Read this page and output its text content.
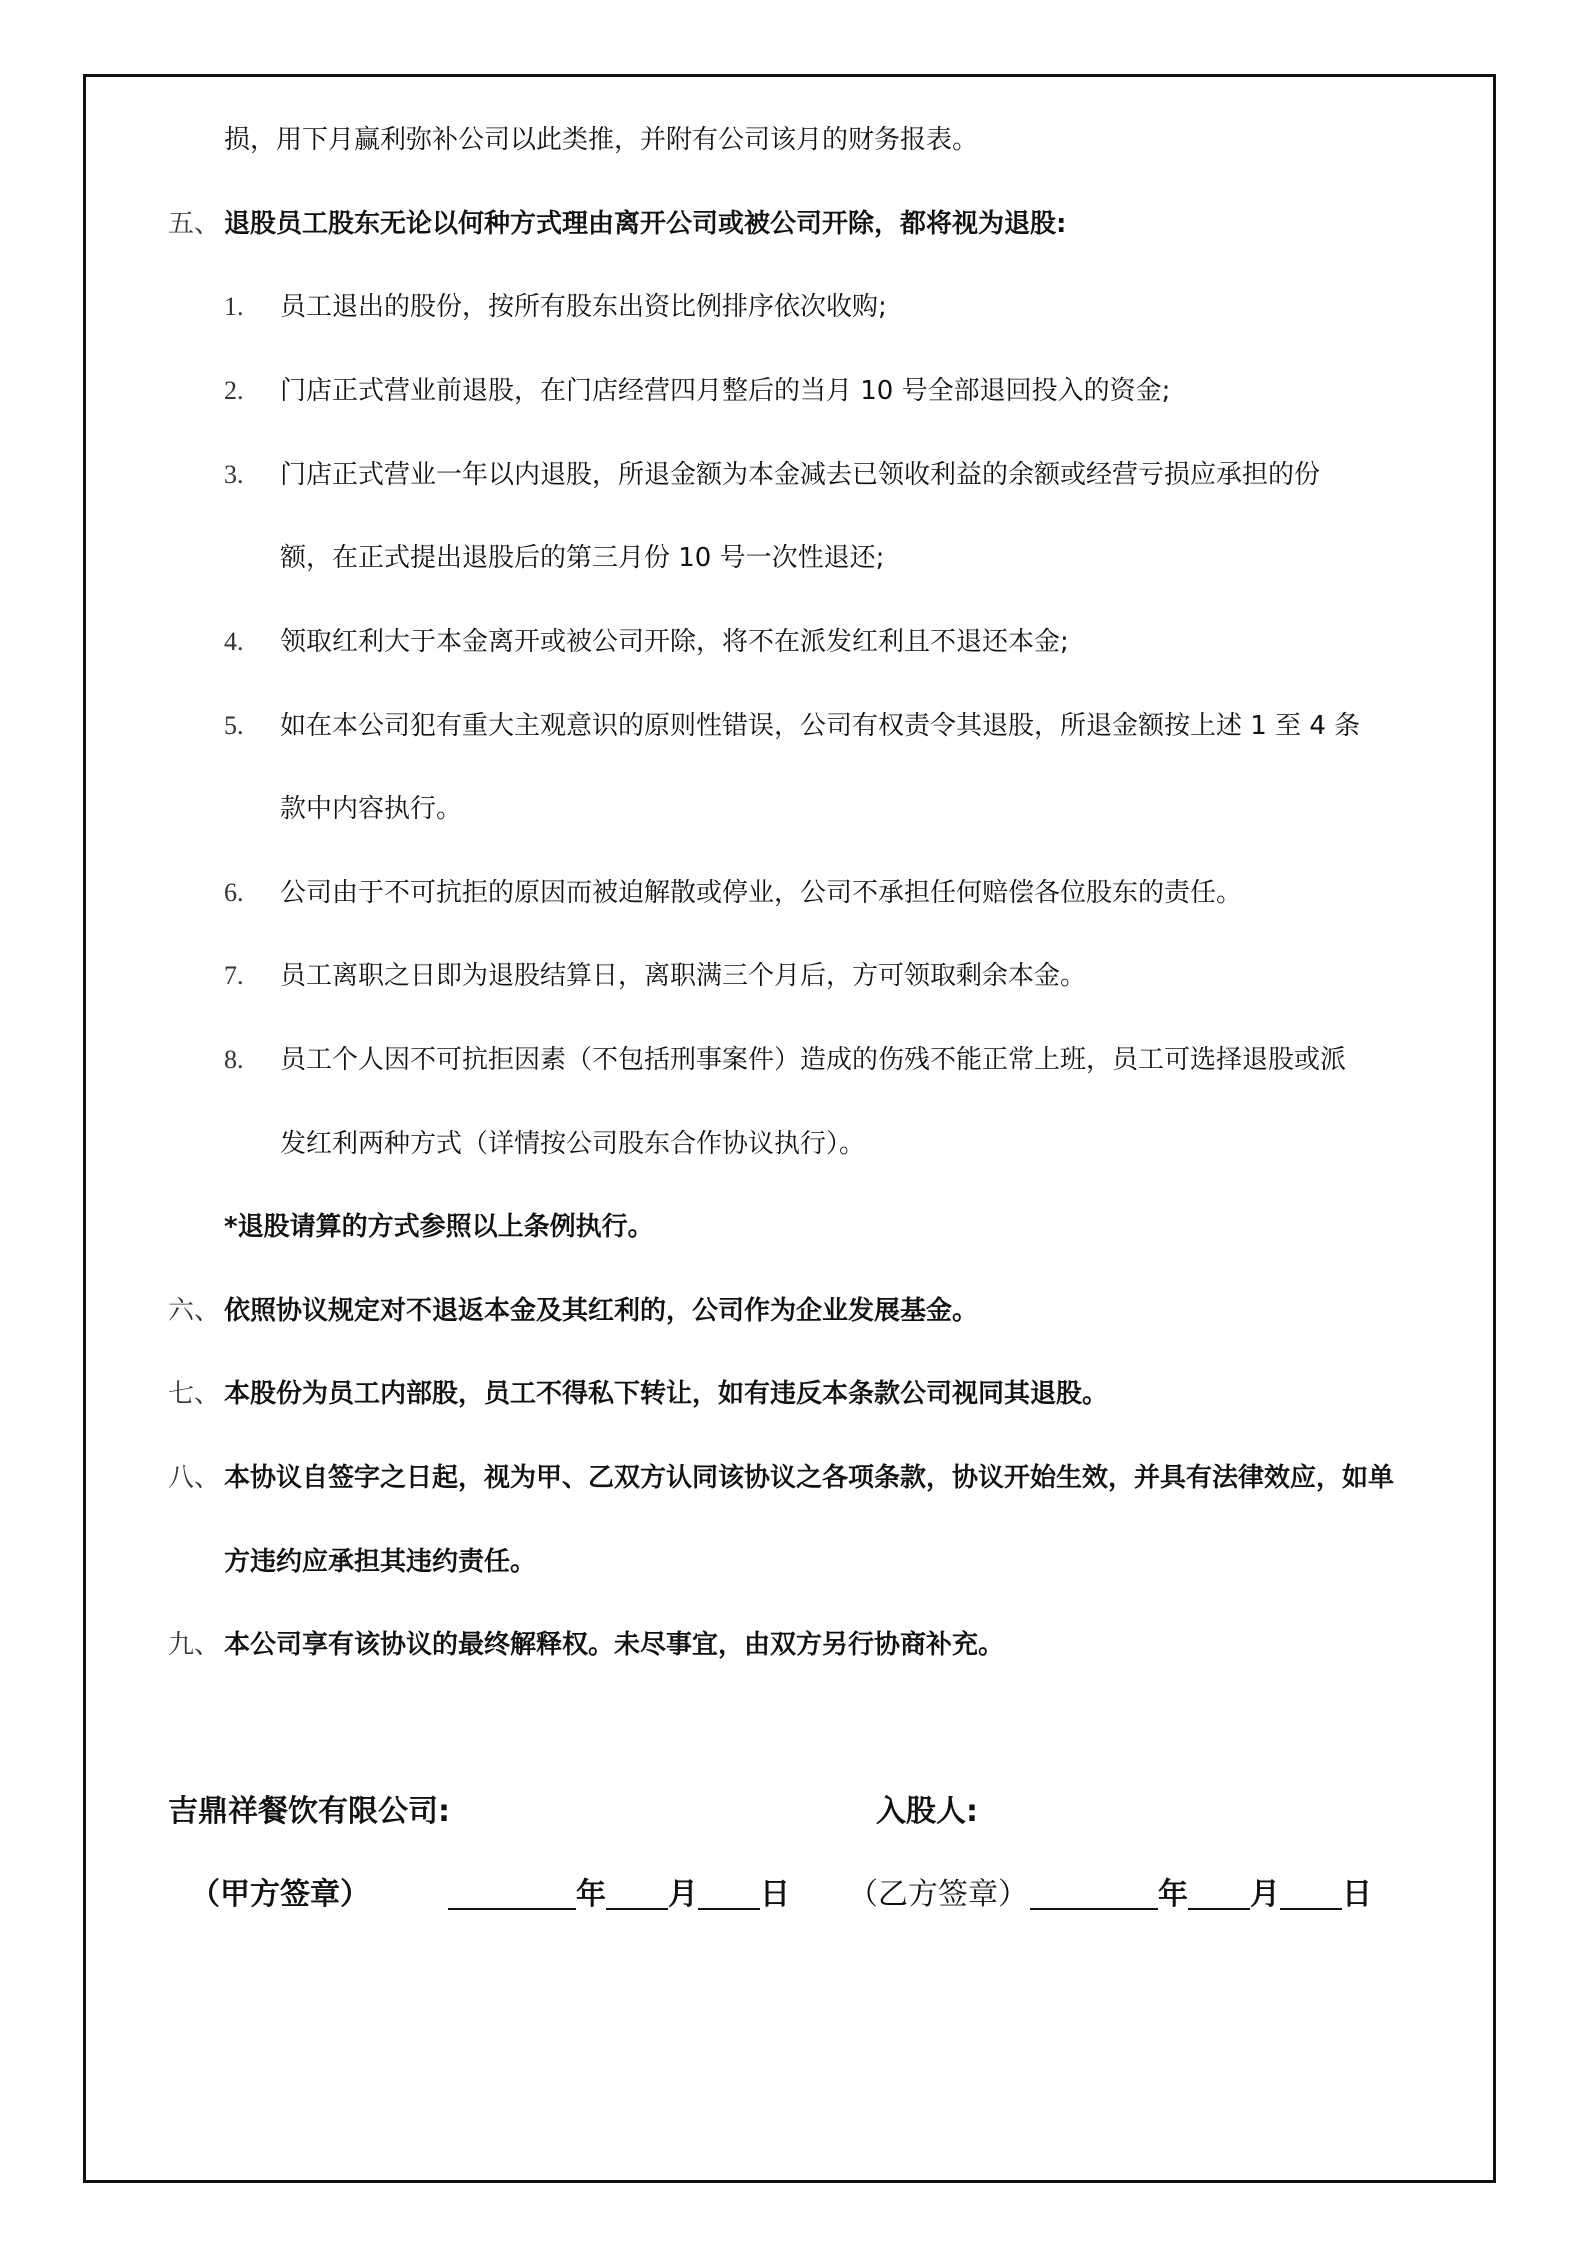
损，用下月赢利弥补公司以此类推，并附有公司该月的财务报表。
五、 退股员工股东无论以何种方式理由离开公司或被公司开除，都将视为退股:
1. 员工退出的股份，按所有股东出资比例排序依次收购;
2. 门店正式营业前退股，在门店经营四月整后的当月 10 号全部退回投入的资金;
3. 门店正式营业一年以内退股，所退金额为本金减去已领收利益的余额或经营亏损应承担的份
额，在正式提出退股后的第三月份 10 号一次性退还;
4. 领取红利大于本金离开或被公司开除，将不在派发红利且不退还本金;
5. 如在本公司犯有重大主观意识的原则性错误，公司有权责令其退股，所退金额按上述 1 至 4 条
款中内容执行。
6. 公司由于不可抗拒的原因而被迫解散或停业，公司不承担任何赔偿各位股东的责任。
7. 员工离职之日即为退股结算日，离职满三个月后，方可领取剩余本金。
8. 员工个人因不可抗拒因素（不包括刑事案件）造成的伤残不能正常上班，员工可选择退股或派
发红利两种方式（详情按公司股东合作协议执行）。
*退股请算的方式参照以上条例执行。
六、 依照协议规定对不退返本金及其红利的，公司作为企业发展基金。
七、 本股份为员工内部股，员工不得私下转让，如有违反本条款公司视同其退股。
八、 本协议自签字之日起，视为甲、乙双方认同该协议之各项条款，协议开始生效，并具有法律效应，如单
方违约应承担其违约责任。
九、 本公司享有该协议的最终解释权。未尽事宜，由双方另行协商补充。
吉鼎祥餐饮有限公司:	入股人:
（甲方签章）	年 月 日 （乙方签章）	年 月 日
